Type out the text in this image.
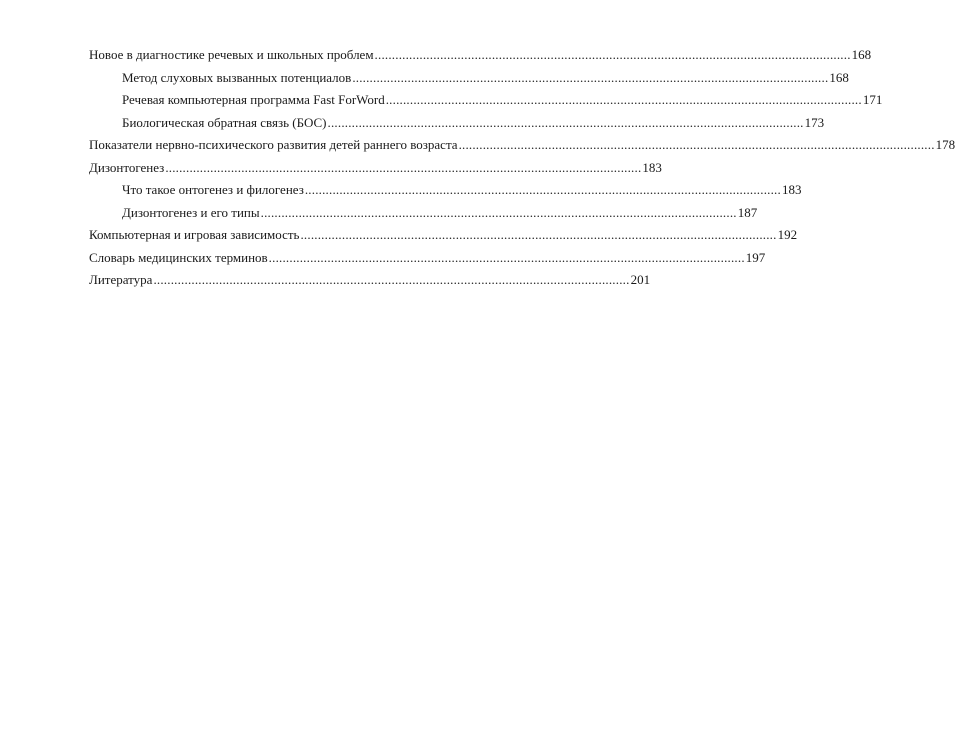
Новое в диагностике речевых и школьных проблем .......................................................................................................................................... 168
Метод слуховых вызванных потенциалов .......................................................................................................................................... 168
Речевая компьютерная программа Fast ForWord .......................................................................................................................................... 171
Биологическая обратная связь (БОС) .......................................................................................................................................... 173
Показатели нервно-психического развития детей раннего возраста .......................................................................................................................................... 178
Дизонтогенез .......................................................................................................................................... 183
Что такое онтогенез и филогенез .......................................................................................................................................... 183
Дизонтогенез и его типы .......................................................................................................................................... 187
Компьютерная и игровая зависимость .......................................................................................................................................... 192
Словарь медицинских терминов .......................................................................................................................................... 197
Литература .......................................................................................................................................... 201
